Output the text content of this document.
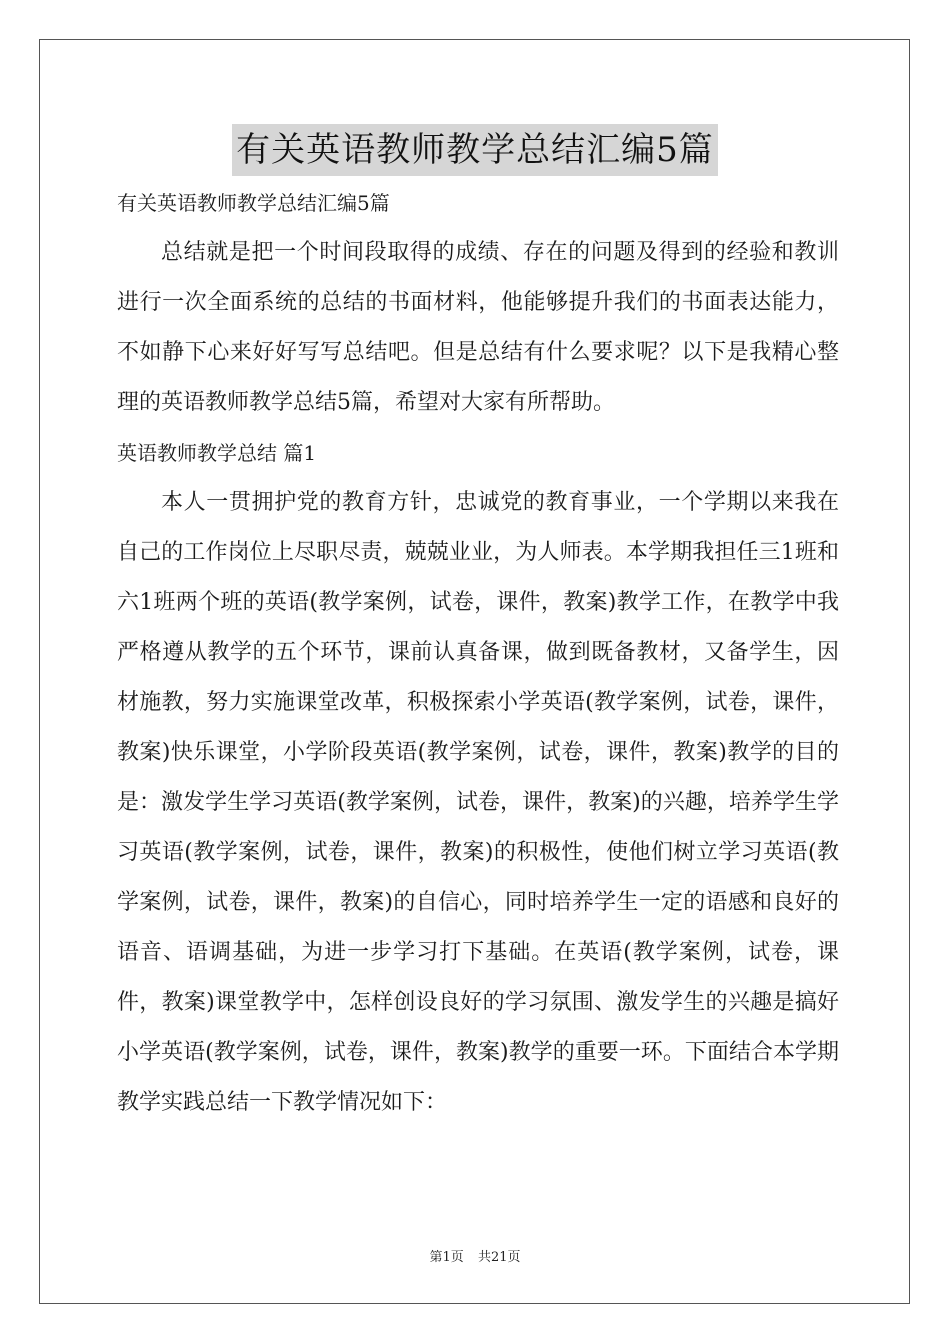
有关英语教师教学总结汇编5篇
有关英语教师教学总结汇编5篇

总结就是把一个时间段取得的成绩、存在的问题及得到的经验和教训进行一次全面系统的总结的书面材料，他能够提升我们的书面表达能力，不如静下心来好好写写总结吧。但是总结有什么要求呢？以下是我精心整理的英语教师教学总结5篇，希望对大家有所帮助。

英语教师教学总结 篇1

本人一贯拥护党的教育方针，忠诚党的教育事业，一个学期以来我在自己的工作岗位上尽职尽责，兢兢业业，为人师表。本学期我担任三1班和六1班两个班的英语(教学案例，试卷，课件，教案)教学工作，在教学中我严格遵从教学的五个环节，课前认真备课，做到既备教材，又备学生，因材施教，努力实施课堂改革，积极探索小学英语(教学案例，试卷，课件，教案)快乐课堂，小学阶段英语(教学案例，试卷，课件，教案)教学的目的是：激发学生学习英语(教学案例，试卷，课件，教案)的兴趣，培养学生学习英语(教学案例，试卷，课件，教案)的积极性，使他们树立学习英语(教学案例，试卷，课件，教案)的自信心，同时培养学生一定的语感和良好的语音、语调基础，为进一步学习打下基础。在英语(教学案例，试卷，课件，教案)课堂教学中，怎样创设良好的学习氛围、激发学生的兴趣是搞好小学英语(教学案例，试卷，课件，教案)教学的重要一环。下面结合本学期教学实践总结一下教学情况如下：

第1页 共21页
